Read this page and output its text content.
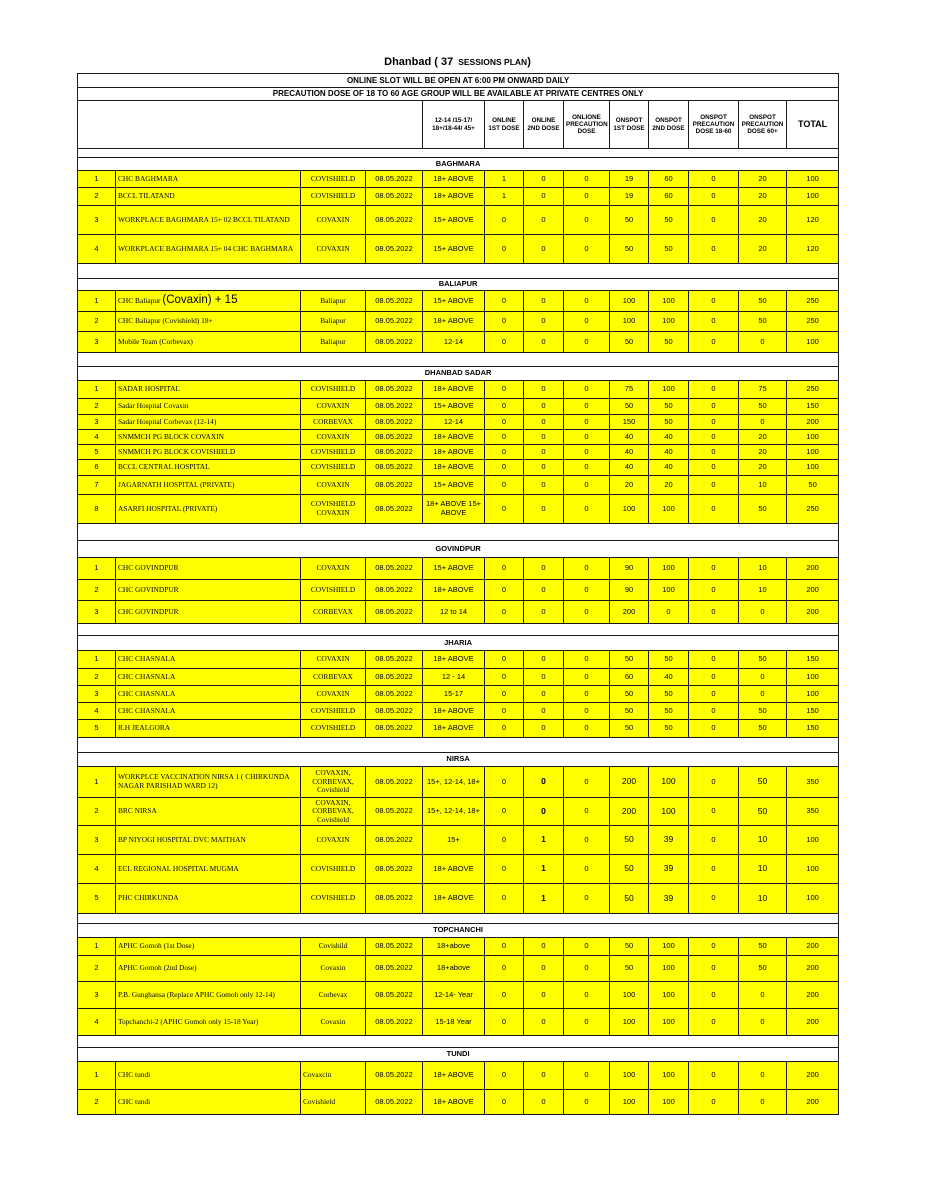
Dhanbad ( 37 SESSIONS PLAN)
ONLINE SLOT WILL BE OPEN AT 6:00 PM ONWARD DAILY												
PRECAUTION DOSE OF 18 TO 60 AGE GROUP WILL BE AVAILABLE AT PRIVATE CENTRES ONLY												
				12-14 /15-17/ 18+/18-44/ 45+	ONLINE 1ST DOSE	ONLINE 2ND DOSE	ONLIONE PRECAUTION DOSE	ONSPOT 1ST DOSE	ONSPOT 2ND DOSE	ONSPOT PRECAUTION DOSE 18-60	ONSPOT PRECAUTION DOSE 60+	TOTAL

BAGHMARA												
1	CHC BAGHMARA	COVISHIELD	08.05.2022	18+ ABOVE	1	0	0	19	60	0	20	100
2	BCCL TILATAND	COVISHIELD	08.05.2022	18+ ABOVE	1	0	0	19	60	0	20	100
3	WORKPLACE BAGHMARA 15+ 02 BCCL TILATAND	COVAXIN	08.05.2022	15+ ABOVE	0	0	0	50	50	0	20	120
4	WORKPLACE BAGHMARA 15+ 04 CHC BAGHMARA	COVAXIN	08.05.2022	15+ ABOVE	0	0	0	50	50	0	20	120

BALIAPUR												
1	CHC Baliapur (Covaxin) + 15	Baliapur	08.05.2022	15+ ABOVE	0	0	0	100	100	0	50	250
2	CHC Baliapur (Covishield) 18+	Baliapur	08.05.2022	18+ ABOVE	0	0	0	100	100	0	50	250
3	Mobile Team (Corbevax)	Baliapur	08.05.2022	12-14	0	0	0	50	50	0	0	100

DHANBAD SADAR												
1	SADAR HOSPITAL	COVISHIELD	08.05.2022	18+ ABOVE	0	0	0	75	100	0	75	250
2	Sadar Hospital Covaxin	COVAXIN	08.05.2022	15+ ABOVE	0	0	0	50	50	0	50	150
3	Sadar Hospital Corbevax (12-14)	CORBEVAX	08.05.2022	12-14	0	0	0	150	50	0	0	200
4	SNMMCH PG BLOCK COVAXIN	COVAXIN	08.05.2022	18+ ABOVE	0	0	0	40	40	0	20	100
5	SNMMCH PG BLOCK COVISHIELD	COVISHIELD	08.05.2022	18+ ABOVE	0	0	0	40	40	0	20	100
6	BCCL CENTRAL HOSPITAL	COVISHIELD	08.05.2022	18+ ABOVE	0	0	0	40	40	0	20	100
7	JAGARNATH HOSPITAL (PRIVATE)	COVAXIN	08.05.2022	15+ ABOVE	0	0	0	20	20	0	10	50
8	ASARFI HOSPITAL (PRIVATE)	COVISHIELD COVAXIN	08.05.2022	18+ ABOVE 15+ ABOVE	0	0	0	100	100	0	50	250

GOVINDPUR												
1	CHC GOVINDPUR	COVAXIN	08.05.2022	15+ ABOVE	0	0	0	90	100	0	10	200
2	CHC GOVINDPUR	COVISHIELD	08.05.2022	18+ ABOVE	0	0	0	90	100	0	10	200
3	CHC GOVINDPUR	CORBEVAX	08.05.2022	12 to 14	0	0	0	200	0	0	0	200

JHARIA												
1	CHC CHASNALA	COVAXIN	08.05.2022	18+ ABOVE	0	0	0	50	50	0	50	150
2	CHC CHASNALA	CORBEVAX	08.05.2022	12 - 14	0	0	0	60	40	0	0	100
3	CHC CHASNALA	COVAXIN	08.05.2022	15-17	0	0	0	50	50	0	0	100
4	CHC CHASNALA	COVISHIELD	08.05.2022	18+ ABOVE	0	0	0	50	50	0	50	150
5	R.H JEALGORA	COVISHIELD	08.05.2022	18+ ABOVE	0	0	0	50	50	0	50	150

NIRSA												
1	WORKPLCE VACCINATION NIRSA 1 ( CHIRKUNDA NAGAR PARISHAD WARD 12)	COVAXIN, CORBEVAX, Covishield	08.05.2022	15+, 12-14, 18+	0	0	0	200	100	0	50	350
2	BRC NIRSA	COVAXIN, CORBEVAX, Covishield	08.05.2022	15+, 12-14, 18+	0	0	0	200	100	0	50	350
3	BP NIYOGI HOSPITAL DVC MAITHAN	COVAXIN	08.05.2022	15+	0	1	0	50	39	0	10	100
4	ECL REGIONAL HOSPITAL MUGMA	COVISHIELD	08.05.2022	18+ ABOVE	0	1	0	50	39	0	10	100
5	PHC CHIRKUNDA	COVISHIELD	08.05.2022	18+ ABOVE	0	1	0	50	39	0	10	100

TOPCHANCHI												
1	APHC Gomoh (1st Dose)	Covishild	08.05.2022	18+above	0	0	0	50	100	0	50	200
2	APHC Gomoh (2nd Dose)	Covaxin	08.05.2022	18+above	0	0	0	50	100	0	50	200
3	P.B. Gunghansa (Replace APHC Gomoh only 12-14)	Corbevax	08.05.2022	12-14- Year	0	0	0	100	100	0	0	200
4	Topchanchi-2 (APHC Gomoh only 15-18 Year)	Covaxin	08.05.2022	15-18 Year	0	0	0	100	100	0	0	200

TUNDI												
1	CHC tundi	Covaxcin	08.05.2022	18+ ABOVE	0	0	0	100	100	0	0	200
2	CHC tundi	Covishield	08.05.2022	18+ ABOVE	0	0	0	100	100	0	0	200
